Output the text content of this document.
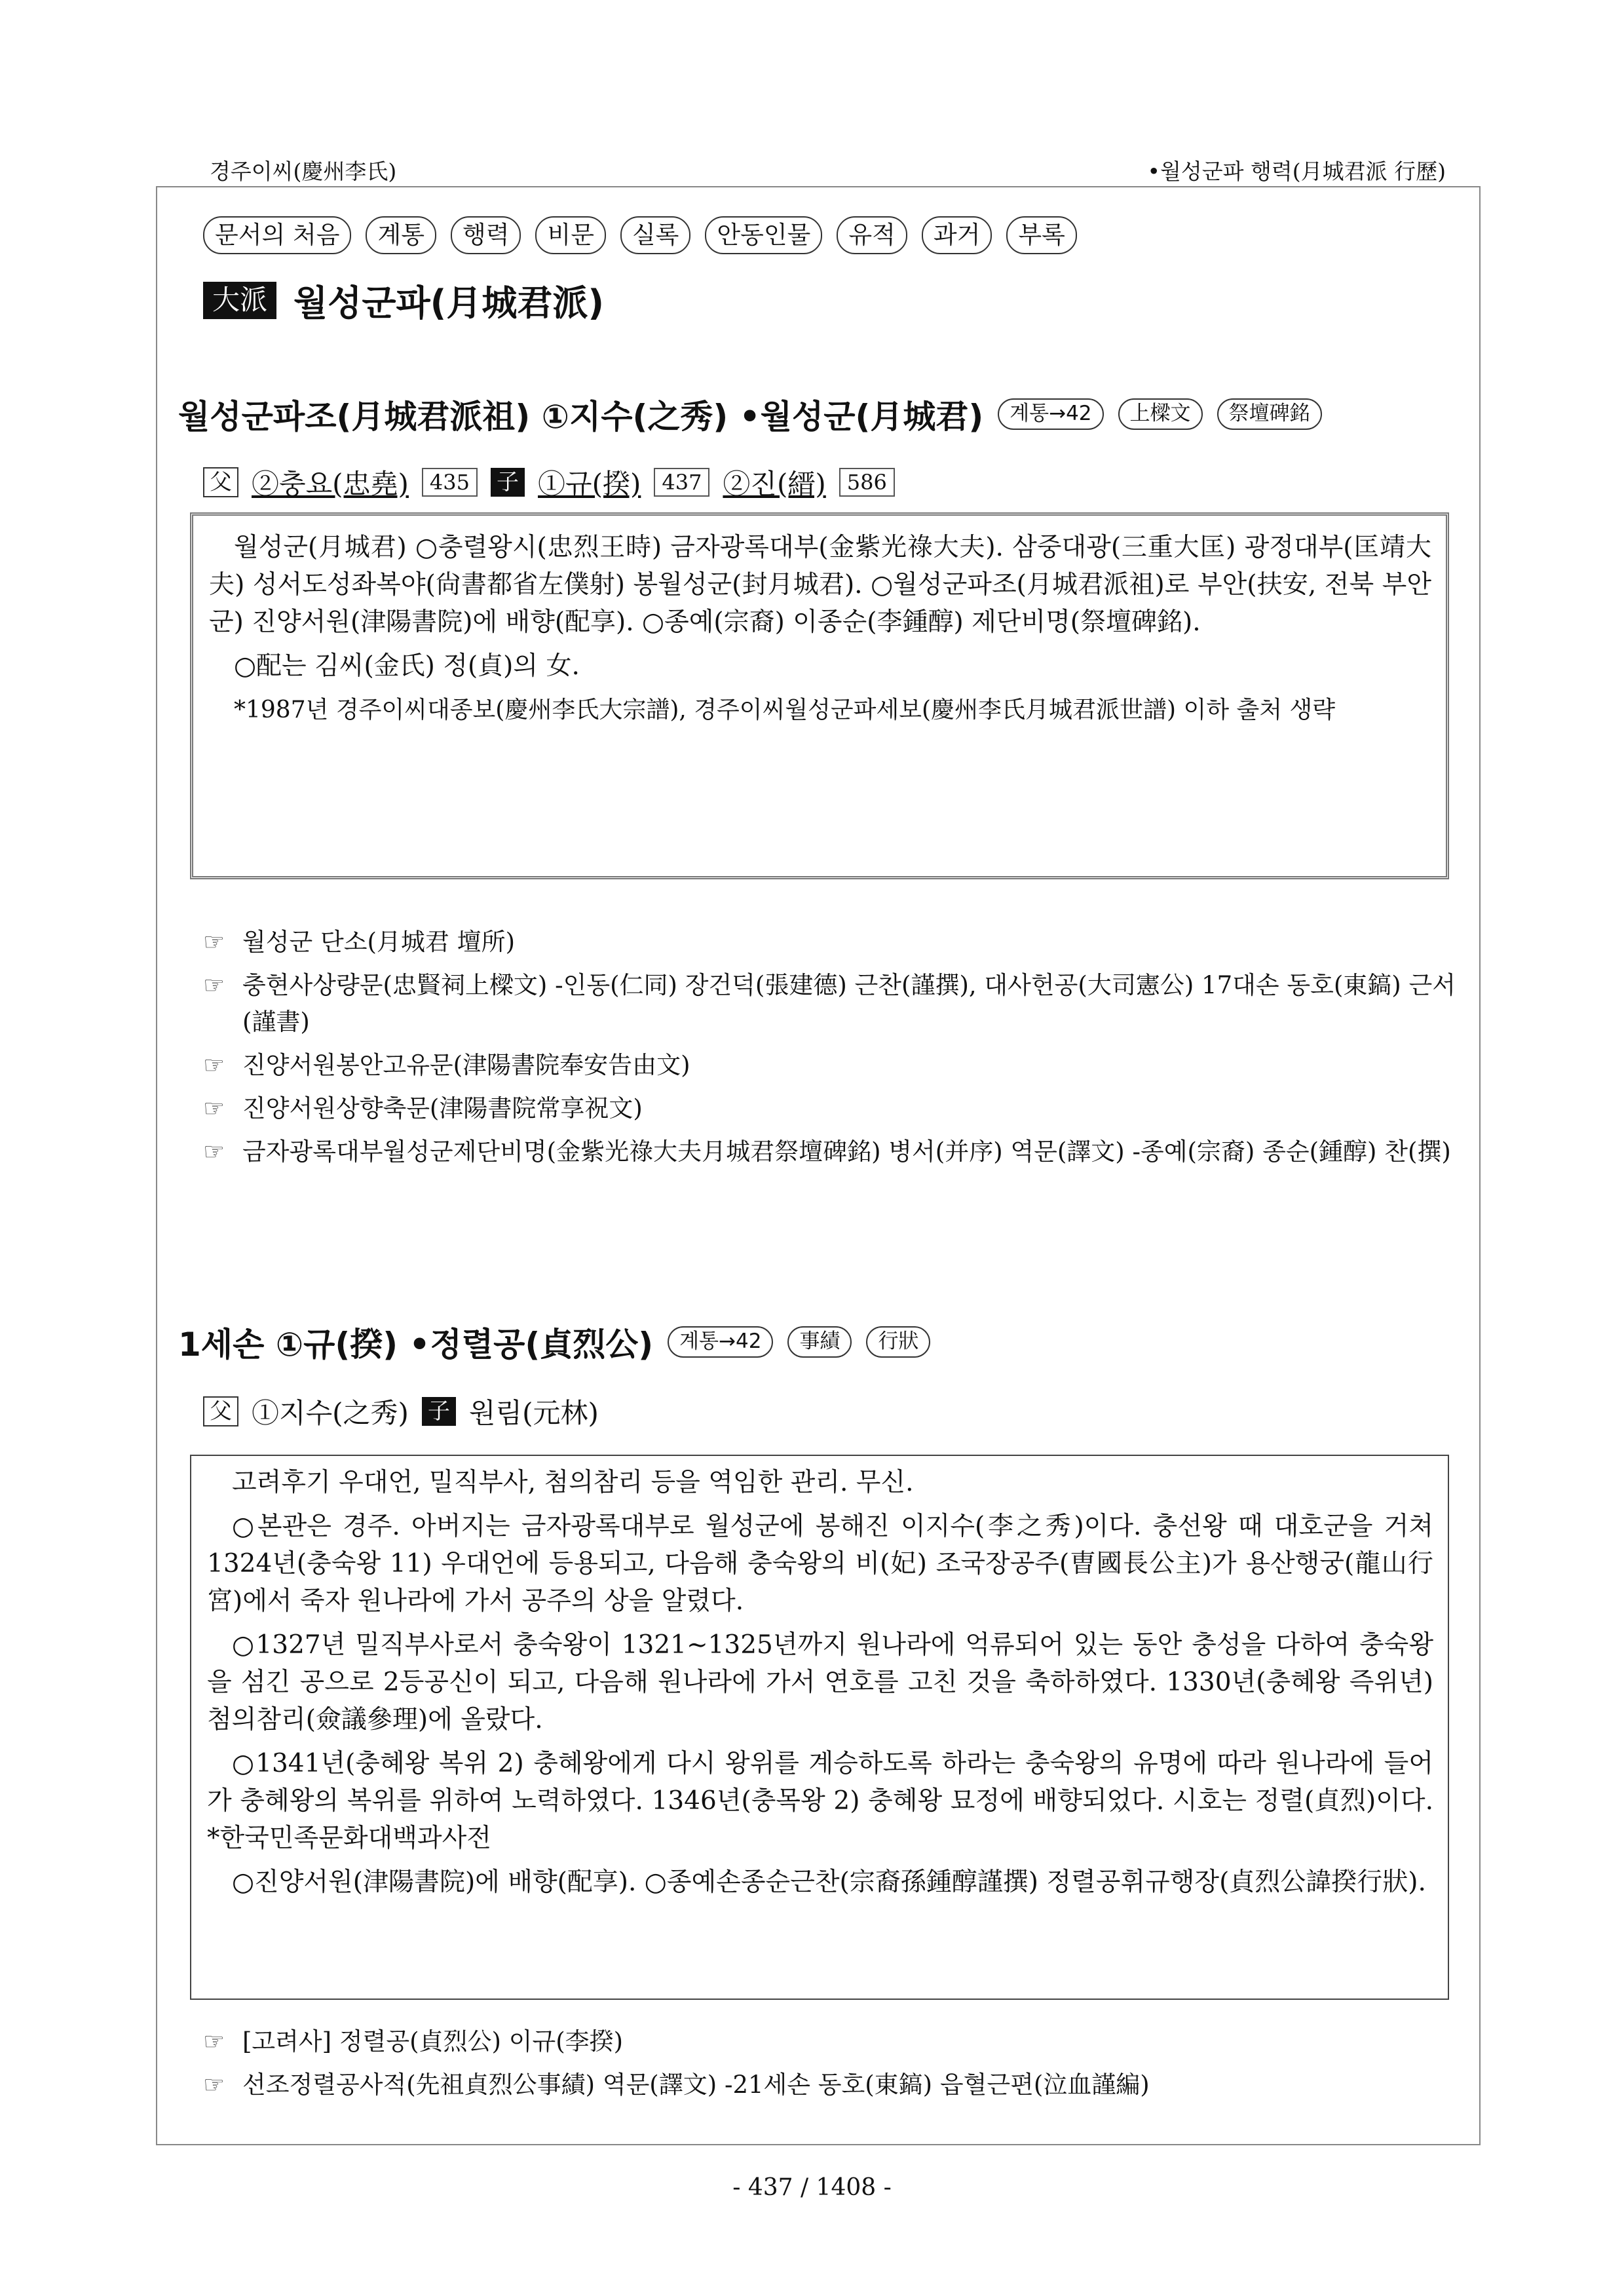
경주이씨(慶州李氏)	•월성군파 행력(月城君派 行歷)
문서의 처음	계통	행력	비문	실록	안동인물	유적	과거	부록
大派 월성군파(月城君派)
월성군파조(月城君派祖) ①지수(之秀) •월성군(月城君)	계통→42	上樑文	祭壇碑銘
父 ②충요(忠堯)	435	子 ①규(揆)	437 ②진(縉)	586

월성군(月城君) ○충렬왕시(忠烈王時) 금자광록대부(金紫光祿大夫). 삼중대광(三重大匡) 광정대부(匡靖大夫) 성서도성좌복야(尙書都省左僕射) 봉월성군(封月城君). ○월성군파조(月城君派祖)로 부안(扶安, 전북 부안군) 진양서원(津陽書院)에 배향(配享). ○종예(宗裔) 이종순(李鍾醇) 제단비명(祭壇碑銘).

○配는 김씨(金氏) 정(貞)의 女.

*1987년 경주이씨대종보(慶州李氏大宗譜), 경주이씨월성군파세보(慶州李氏月城君派世譜) 이하 출처 생략

☞ 월성군 단소(月城君 壇所)
☞ 충현사상량문(忠賢祠上樑文) -인동(仁同) 장건덕(張建德) 근찬(謹撰), 대사헌공(大司憲公) 17대손 동호(東鎬) 근서(謹書)
☞ 진양서원봉안고유문(津陽書院奉安告由文)
☞ 진양서원상향축문(津陽書院常享祝文)
☞ 금자광록대부월성군제단비명(金紫光祿大夫月城君祭壇碑銘) 병서(并序) 역문(譯文) -종예(宗裔) 종순(鍾醇) 찬(撰)
1세손 ①규(揆) •정렬공(貞烈公)	계통→42	事績	行狀
父 ①지수(之秀) 子 원림(元林)

고려후기 우대언, 밀직부사, 첨의참리 등을 역임한 관리. 무신.

○본관은 경주. 아버지는 금자광록대부로 월성군에 봉해진 이지수(李之秀)이다. 충선왕 때 대호군을 거쳐 1324년(충숙왕 11) 우대언에 등용되고, 다음해 충숙왕의 비(妃) 조국장공주(曺國長公主)가 용산행궁(龍山行宮)에서 죽자 원나라에 가서 공주의 상을 알렸다.

○1327년 밀직부사로서 충숙왕이 1321∼1325년까지 원나라에 억류되어 있는 동안 충성을 다하여 충숙왕을 섬긴 공으로 2등공신이 되고, 다음해 원나라에 가서 연호를 고친 것을 축하하였다. 1330년(충혜왕 즉위년) 첨의참리(僉議參理)에 올랐다.

○1341년(충혜왕 복위 2) 충혜왕에게 다시 왕위를 계승하도록 하라는 충숙왕의 유명에 따라 원나라에 들어가 충혜왕의 복위를 위하여 노력하였다. 1346년(충목왕 2) 충혜왕 묘정에 배향되었다. 시호는 정렬(貞烈)이다. *한국민족문화대백과사전

○진양서원(津陽書院)에 배향(配享). ○종예손종순근찬(宗裔孫鍾醇謹撰) 정렬공휘규행장(貞烈公諱揆行狀).

☞ [고려사] 정렬공(貞烈公) 이규(李揆)
☞ 선조정렬공사적(先祖貞烈公事績) 역문(譯文) -21세손 동호(東鎬) 읍혈근편(泣血謹編)
- 437 / 1408 -
